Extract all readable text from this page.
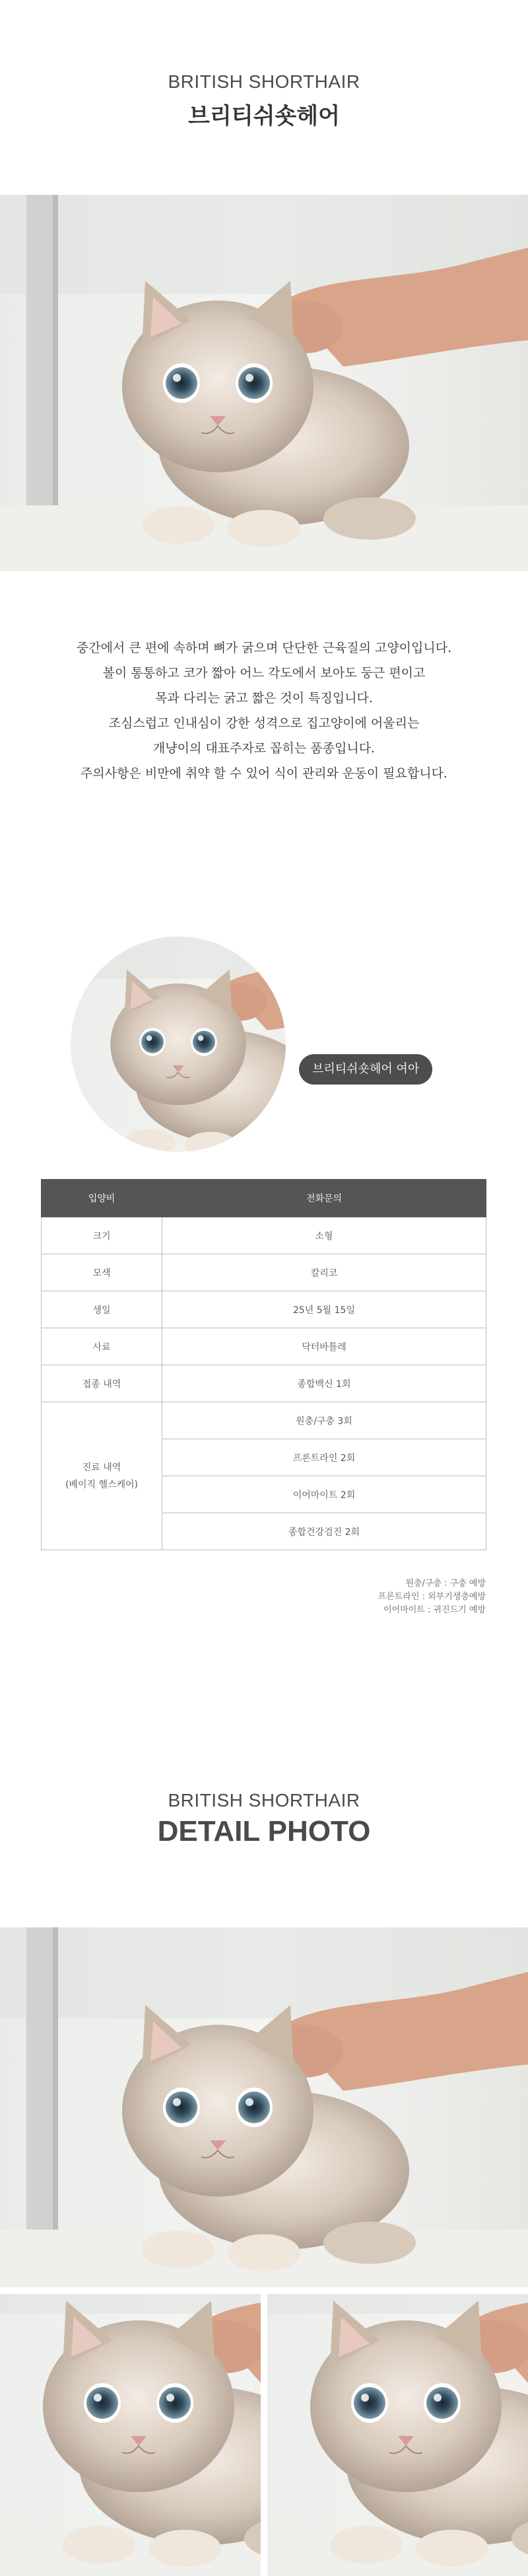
BRITISH SHORTHAIR
브리티쉬숏헤어

중간에서 큰 편에 속하며 뼈가 굵으며 단단한 근육질의 고양이입니다.

볼이 통통하고 코가 짧아 어느 각도에서 보아도 둥근 편이고

목과 다리는 굵고 짧은 것이 특징입니다.

조심스럽고 인내심이 강한 성격으로 집고양이에 어울리는

개냥이의 대표주자로 꼽히는 품종입니다.

주의사항은 비만에 취약 할 수 있어 식이 관리와 운동이 필요합니다.

브리티쉬숏헤어 여아
입양비	전화문의
크기	소형
모색	칼리코
생일	25년 5월 15일
사료	닥터바틀레
접종 내역	종합백신 1회
진료 내역
(베이직 헬스케어)	원충/구충 3회
	프론트라인 2회
	이어마이트 2회
	종합건강검진 2회
원충/구충 : 구충 예방
프론트라인 : 외부기생충예방
이어마이트 : 귀진드기 예방
BRITISH SHORTHAIR
DETAIL PHOTO
